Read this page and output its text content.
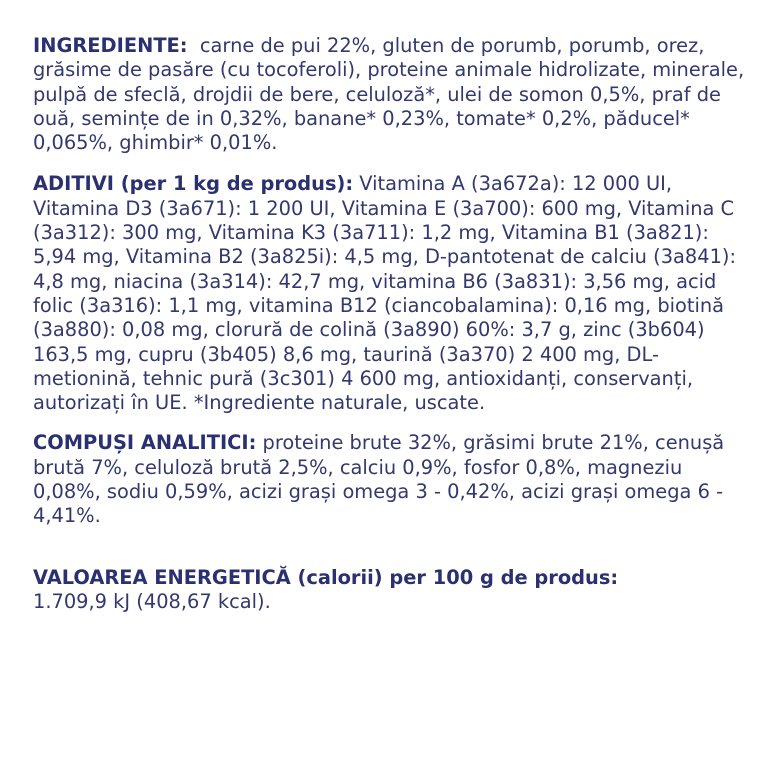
INGREDIENTE: carne de pui 22%, gluten de porumb, porumb, orez, grăsime de pasăre (cu tocoferoli), proteine animale hidrolizate, minerale, pulpă de sfeclă, drojdii de bere, celuloză*, ulei de somon 0,5%, praf de ouă, semințe de in 0,32%, banane* 0,23%, tomate* 0,2%, păducel* 0,065%, ghimbir* 0,01%.

ADITIVI (per 1 kg de produs): Vitamina A (3a672a): 12 000 UI, Vitamina D3 (3a671): 1 200 UI, Vitamina E (3a700): 600 mg, Vitamina C (3a312): 300 mg, Vitamina K3 (3a711): 1,2 mg, Vitamina B1 (3a821): 5,94 mg, Vitamina B2 (3a825i): 4,5 mg, D-pantotenat de calciu (3a841): 4,8 mg, niacina (3a314): 42,7 mg, vitamina B6 (3a831): 3,56 mg, acid folic (3a316): 1,1 mg, vitamina B12 (ciancobalamina): 0,16 mg, biotină (3a880): 0,08 mg, clorură de colină (3a890) 60%: 3,7 g, zinc (3b604) 163,5 mg, cupru (3b405) 8,6 mg, taurină (3a370) 2 400 mg, DL-metionină, tehnic pură (3c301) 4 600 mg, antioxidanți, conservanți, autorizați în UE. *Ingrediente naturale, uscate.

COMPUȘI ANALITICI: proteine brute 32%, grăsimi brute 21%, cenușă brută 7%, celuloză brută 2,5%, calciu 0,9%, fosfor 0,8%, magneziu 0,08%, sodiu 0,59%, acizi grași omega 3 - 0,42%, acizi grași omega 6 - 4,41%.

VALOAREA ENERGETICĂ (calorii) per 100 g de produs:
1.709,9 kJ (408,67 kcal).
